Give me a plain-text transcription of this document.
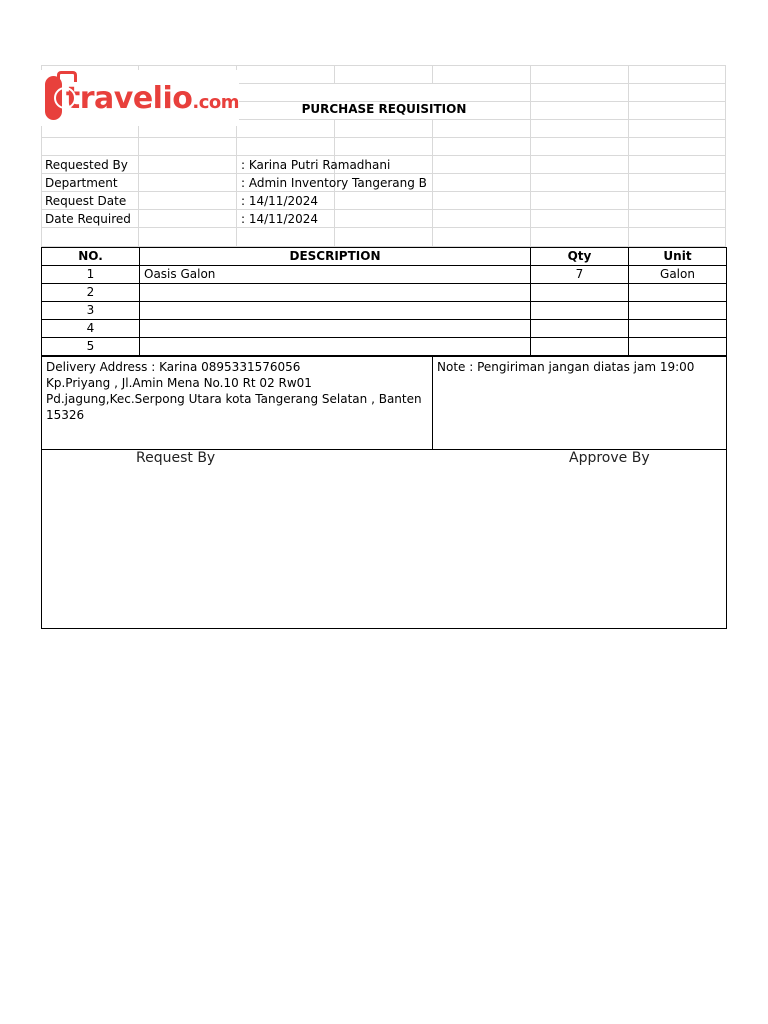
travelio.com	PURCHASE REQUISITION
Requested By	: Karina Putri Ramadhani
Department	: Admin Inventory Tangerang B
Request Date	: 14/11/2024
Date Required	: 14/11/2024
NO.	DESCRIPTION	Qty	Unit
1	Oasis Galon	7	Galon
2			
3			
4			
5			
Delivery Address : Karina 0895331576056
Kp.Priyang , Jl.Amin Mena No.10 Rt 02 Rw01
Pd.jagung,Kec.Serpong Utara kota Tangerang Selatan , Banten
15326
Note : Pengiriman jangan diatas jam 19:00
Request By	Approve By
